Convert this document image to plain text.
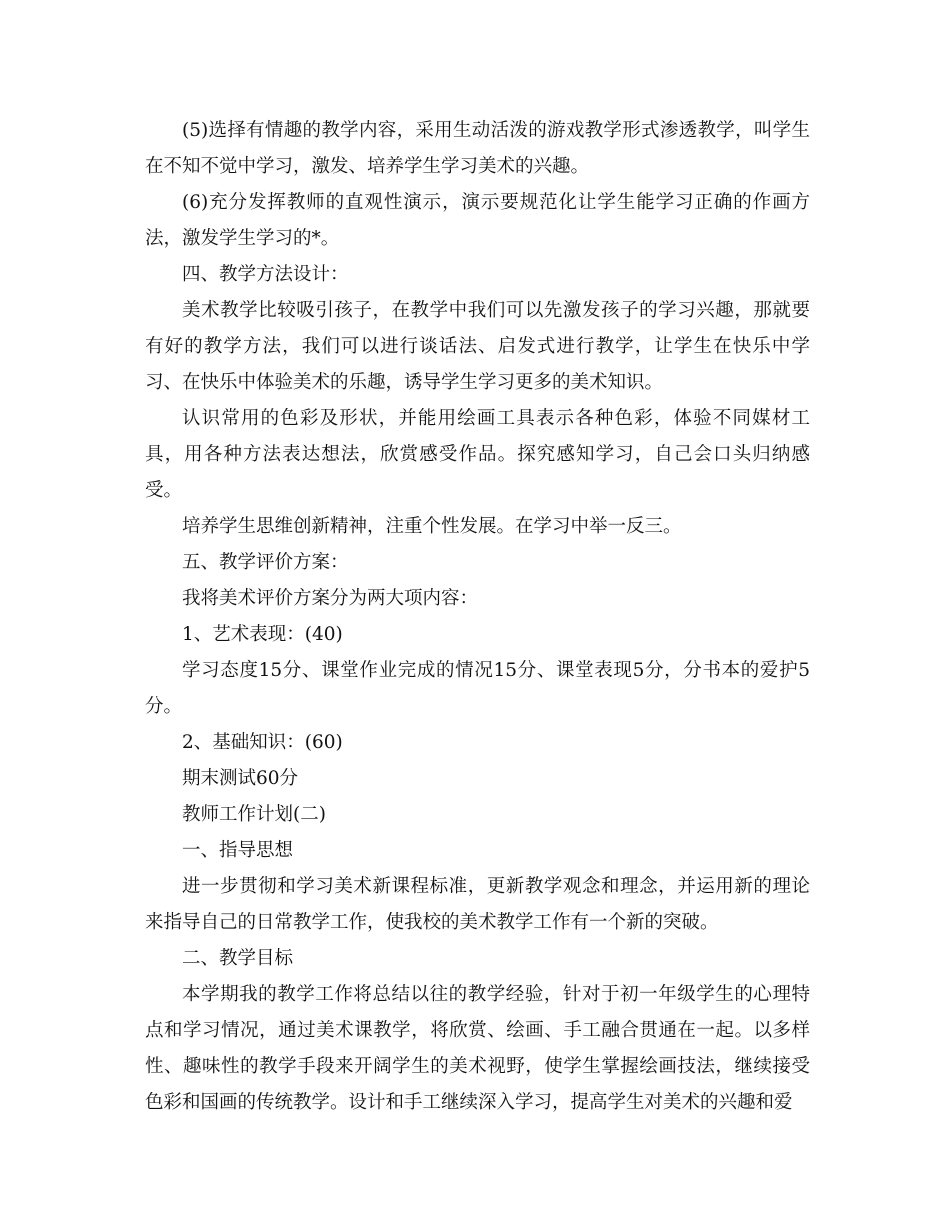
(5)选择有情趣的教学内容，采用生动活泼的游戏教学形式渗透教学，叫学生在不知不觉中学习，激发、培养学生学习美术的兴趣。

(6)充分发挥教师的直观性演示，演示要规范化让学生能学习正确的作画方法，激发学生学习的*。

四、教学方法设计：

美术教学比较吸引孩子，在教学中我们可以先激发孩子的学习兴趣，那就要有好的教学方法，我们可以进行谈话法、启发式进行教学，让学生在快乐中学习、在快乐中体验美术的乐趣，诱导学生学习更多的美术知识。

认识常用的色彩及形状，并能用绘画工具表示各种色彩，体验不同媒材工具，用各种方法表达想法，欣赏感受作品。探究感知学习，自己会口头归纳感受。

培养学生思维创新精神，注重个性发展。在学习中举一反三。

五、教学评价方案：

我将美术评价方案分为两大项内容：

1、艺术表现：(40)

学习态度15分、课堂作业完成的情况15分、课堂表现5分，分书本的爱护5分。

2、基础知识：(60)

期末测试60分

教师工作计划(二)

一、指导思想

进一步贯彻和学习美术新课程标准，更新教学观念和理念，并运用新的理论来指导自己的日常教学工作，使我校的美术教学工作有一个新的突破。

二、教学目标

本学期我的教学工作将总结以往的教学经验，针对于初一年级学生的心理特点和学习情况，通过美术课教学，将欣赏、绘画、手工融合贯通在一起。以多样性、趣味性的教学手段来开阔学生的美术视野，使学生掌握绘画技法，继续接受色彩和国画的传统教学。设计和手工继续深入学习，提高学生对美术的兴趣和爱
